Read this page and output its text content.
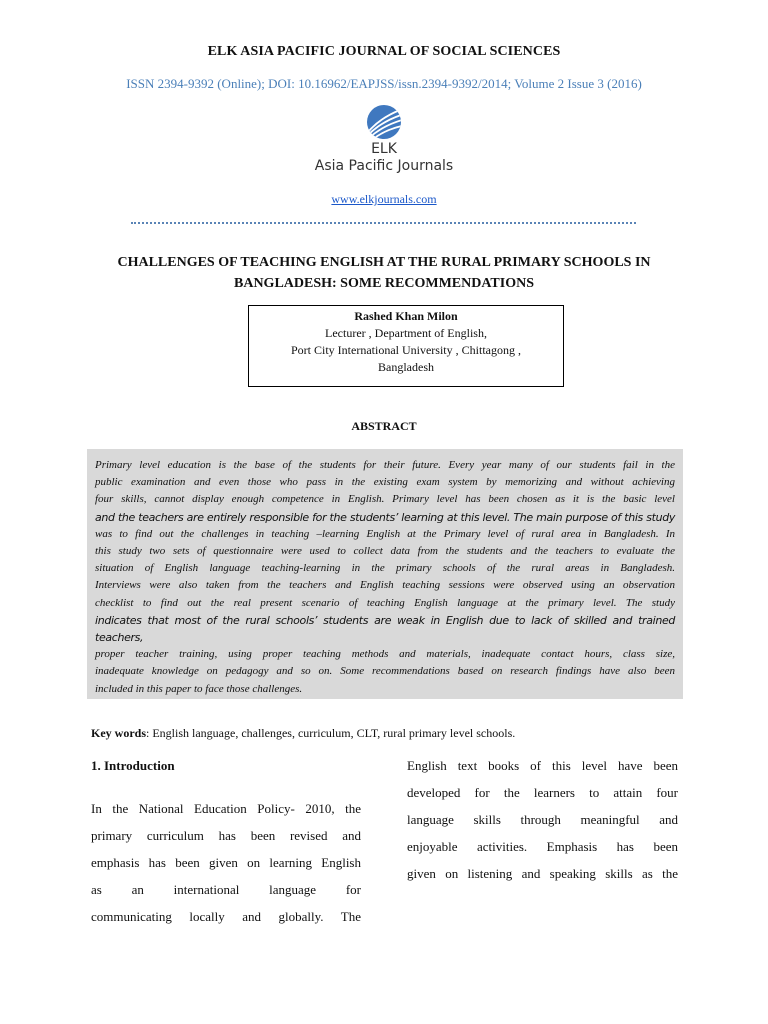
ELK ASIA PACIFIC JOURNAL OF SOCIAL SCIENCES
ISSN 2394-9392 (Online); DOI: 10.16962/EAPJSS/issn.2394-9392/2014; Volume 2 Issue 3 (2016)
ELK
Asia Pacific Journals
www.elkjournals.com
CHALLENGES OF TEACHING ENGLISH AT THE RURAL PRIMARY SCHOOLS IN
BANGLADESH: SOME RECOMMENDATIONS
Rashed Khan Milon
Lecturer , Department of English,
Port City International University , Chittagong ,
Bangladesh
ABSTRACT
Primary level education is the base of the students for their future. Every year many of our students fail in the
public examination and even those who pass in the existing exam system by memorizing and without achieving
four skills, cannot display enough competence in English. Primary level has been chosen as it is the basic level
and the teachers are entirely responsible for the students’ learning at this level. The main purpose of this study
was to find out the challenges in teaching –learning English at the Primary level of rural area in Bangladesh. In
this study two sets of questionnaire were used to collect data from the students and the teachers to evaluate the
situation of English language teaching-learning in the primary schools of the rural areas in Bangladesh.
Interviews were also taken from the teachers and English teaching sessions were observed using an observation
checklist to find out the real present scenario of teaching English language at the primary level. The study
indicates that most of the rural schools’ students are weak in English due to lack of skilled and trained teachers,
proper teacher training, using proper teaching methods and materials, inadequate contact hours, class size,
inadequate knowledge on pedagogy and so on. Some recommendations based on research findings have also been
included in this paper to face those challenges.
Key words: English language, challenges, curriculum, CLT, rural primary level schools.
1. Introduction
In the National Education Policy- 2010, the
primary curriculum has been revised and
emphasis has been given on learning English
as an international language for
communicating locally and globally. The
English text books of this level have been
developed for the learners to attain four
language skills through meaningful and
enjoyable activities. Emphasis has been
given on listening and speaking skills as the
